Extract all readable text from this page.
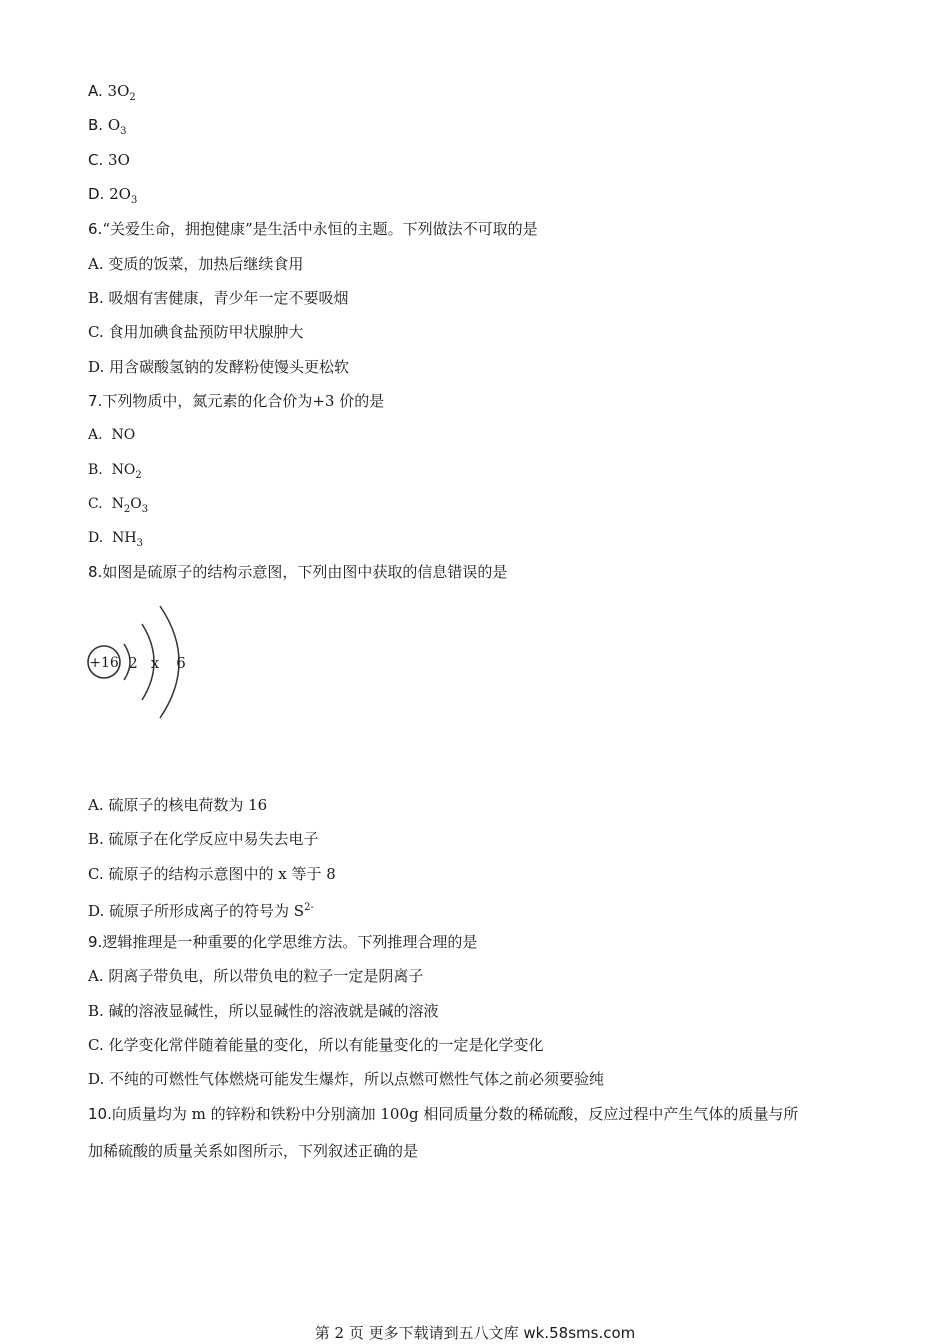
A. $3O_2$
B. $O_3$
C. 3O
D. $2O_3$
6.“关爱生命，拥抱健康”是生活中永恒的主题。下列做法不可取的是
A. 变质的饭菜，加热后继续食用
B. 吸烟有害健康，青少年一定不要吸烟
C. 食用加碘食盐预防甲状腺肿大
D. 用含碳酸氢钠的发酵粉使馒头更松软
7.下列物质中，氮元素的化合价为+3 价的是
A. NO
B. $NO_2$
C. $N_2O_3$
D. $NH_3$
8.如图是硫原子的结构示意图，下列由图中获取的信息错误的是
+16 2 x 6
A. 硫原子的核电荷数为 16
B. 硫原子在化学反应中易失去电子
C. 硫原子的结构示意图中的 x 等于 8
D. 硫原子所形成离子的符号为 $S^{2-}$
9.逻辑推理是一种重要的化学思维方法。下列推理合理的是
A. 阴离子带负电，所以带负电的粒子一定是阴离子
B. 碱的溶液显碱性，所以显碱性的溶液就是碱的溶液
C. 化学变化常伴随着能量的变化，所以有能量变化的一定是化学变化
D. 不纯的可燃性气体燃烧可能发生爆炸，所以点燃可燃性气体之前必须要验纯
10.向质量均为 m 的锌粉和铁粉中分别滴加 100g 相同质量分数的稀硫酸，反应过程中产生气体的质量与所
加稀硫酸的质量关系如图所示，下列叙述正确的是
第 2 页 更多下载请到五八文库 wk.58sms.com
